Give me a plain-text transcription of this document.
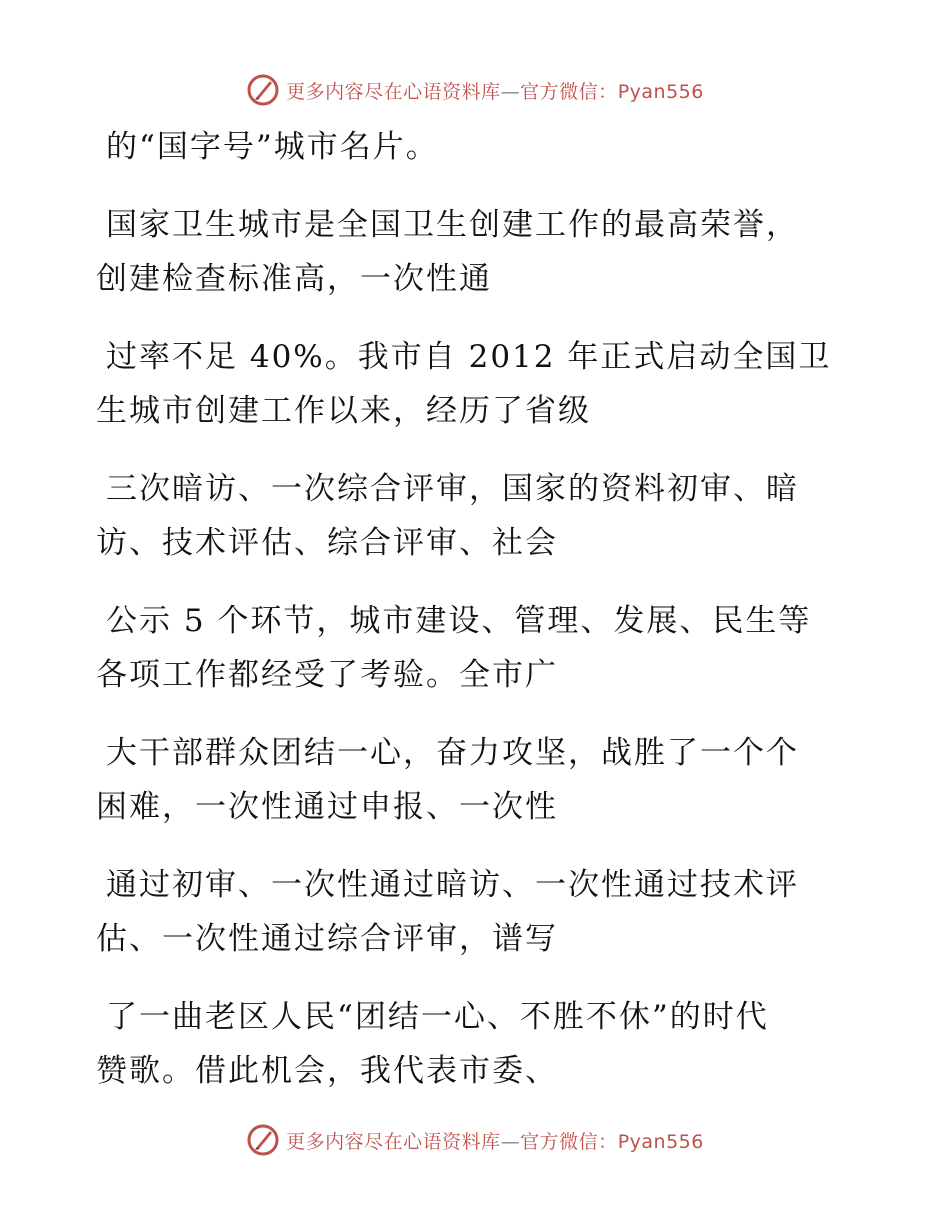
更多内容尽在心语资料库—官方微信：Pyan556
的“国字号”城市名片。
国家卫生城市是全国卫生创建工作的最高荣誉，
创建检查标准高，一次性通
过率不足 40%。我市自 2012 年正式启动全国卫
生城市创建工作以来，经历了省级
三次暗访、一次综合评审，国家的资料初审、暗
访、技术评估、综合评审、社会
公示 5 个环节，城市建设、管理、发展、民生等
各项工作都经受了考验。全市广
大干部群众团结一心，奋力攻坚，战胜了一个个
困难，一次性通过申报、一次性
通过初审、一次性通过暗访、一次性通过技术评
估、一次性通过综合评审，谱写
了一曲老区人民“团结一心、不胜不休”的时代
赞歌。借此机会，我代表市委、
更多内容尽在心语资料库—官方微信：Pyan556
